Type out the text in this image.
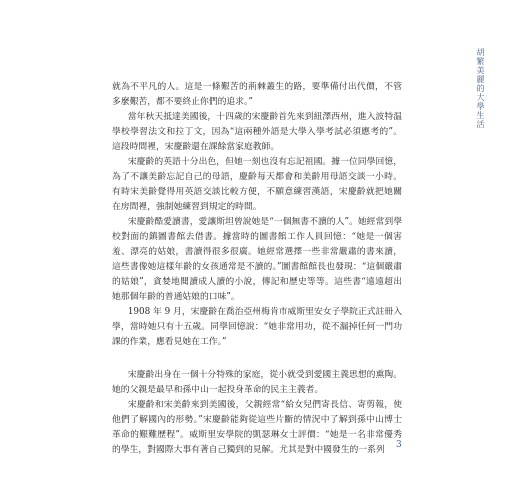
胡繁美麗的大學生活

就為不平凡的人。這是一條艱苦的荊棘叢生的路，要準備付出代價，不管多麼艱苦，都不要終止你們的追求。”

當年秋天抵達美國後，十四歲的宋慶齡首先來到紐澤西州，進入波特温學校學習法文和拉丁文，因為“這兩種外語是大學入學考試必須應考的”。這段時間裡，宋慶齡還在課餘當家庭教師。

宋慶齡的英語十分出色，但她一刻也沒有忘記祖國。據一位同學回憶，為了不讓美齡忘記自己的母語，慶齡每天都會和美齡用母語交談一小時。有時宋美齡覺得用英語交談比較方便，不願意練習漢語，宋慶齡就把她關在房間裡，強制她練習到規定的時間。

宋慶齡酷愛讀書，愛讓斯坦曾說她是“一個無書不讀的人”。她經常到學校對面的鎮圖書館去借書。據當時的圖書館工作人員回憶：“她是一個害羞、漂亮的姑娘，書讀得很多很廣。她經常選擇一些非常嚴肅的書來讀，這些書像她這樣年齡的女孩通常是不讀的。”圖書館館長也發現：“這個嚴肅的姑娘”，貪婪地閱讀成人讀的小說，傳記和歷史等等。這些書“遠遠超出她那個年齡的普通姑娘的口味”。

1908 年 9 月，宋慶齡在喬治亞州梅肯市威斯里安女子學院正式註冊入學，當時她只有十五歲。同學回憶說：“她非常用功，從不漏掉任何一門功課的作業，應看見她在工作。”

宋慶齡出身在一個十分特殊的家庭，從小就受到愛國主義思想的熏陶。她的父親是最早和孫中山一起投身革命的民主主義者。

宋慶齡和宋美齡來到美國後，父親經常“給女兒們寄長信、寄剪報，使他們了解國內的形勢。”宋慶齡能夠從這些片斷的情況中了解到孫中山博士革命的艱難歷程”。威斯里安學院的凱瑟琳女士評價：“她是一名非常優秀的學生，對國際大事有著自己獨到的見解。尤其是對中國發生的一系列	3
